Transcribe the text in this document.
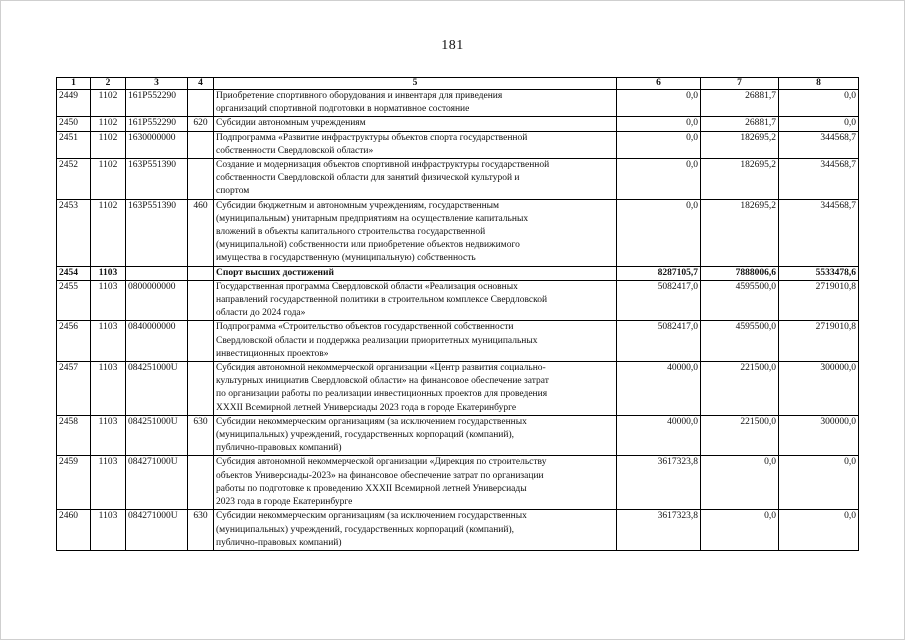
181
1	2	3	4	5	6	7	8
2449	1102	161P552290		Приобретение спортивного оборудования и инвентаря для приведения
организаций спортивной подготовки в нормативное состояние	0,0	26881,7	0,0
2450	1102	161P552290	620	Субсидии автономным учреждениям	0,0	26881,7	0,0
2451	1102	1630000000		Подпрограмма «Развитие инфраструктуры объектов спорта государственной
собственности Свердловской области»	0,0	182695,2	344568,7
2452	1102	163P551390		Создание и модернизация объектов спортивной инфраструктуры государственной
собственности Свердловской области для занятий физической культурой и
спортом	0,0	182695,2	344568,7
2453	1102	163P551390	460	Субсидии бюджетным и автономным учреждениям, государственным
(муниципальным) унитарным предприятиям на осуществление капитальных
вложений в объекты капитального строительства государственной
(муниципальной) собственности или приобретение объектов недвижимого
имущества в государственную (муниципальную) собственность	0,0	182695,2	344568,7
2454	1103			Спорт высших достижений	8287105,7	7888006,6	5533478,6
2455	1103	0800000000		Государственная программа Свердловской области «Реализация основных
направлений государственной политики в строительном комплексе Свердловской
области до 2024 года»	5082417,0	4595500,0	2719010,8
2456	1103	0840000000		Подпрограмма «Строительство объектов государственной собственности
Свердловской области и поддержка реализации приоритетных муниципальных
инвестиционных проектов»	5082417,0	4595500,0	2719010,8
2457	1103	084251000U		Субсидия автономной некоммерческой организации «Центр развития социально-
культурных инициатив Свердловской области» на финансовое обеспечение затрат
по организации работы по реализации инвестиционных проектов для проведения
XXXII Всемирной летней Универсиады 2023 года в городе Екатеринбурге	40000,0	221500,0	300000,0
2458	1103	084251000U	630	Субсидии некоммерческим организациям (за исключением государственных
(муниципальных) учреждений, государственных корпораций (компаний),
публично-правовых компаний)	40000,0	221500,0	300000,0
2459	1103	084271000U		Субсидия автономной некоммерческой организации «Дирекция по строительству
объектов Универсиады-2023» на финансовое обеспечение затрат по организации
работы по подготовке к проведению XXXII Всемирной летней Универсиады
2023 года в городе Екатеринбурге	3617323,8	0,0	0,0
2460	1103	084271000U	630	Субсидии некоммерческим организациям (за исключением государственных
(муниципальных) учреждений, государственных корпораций (компаний),
публично-правовых компаний)	3617323,8	0,0	0,0
